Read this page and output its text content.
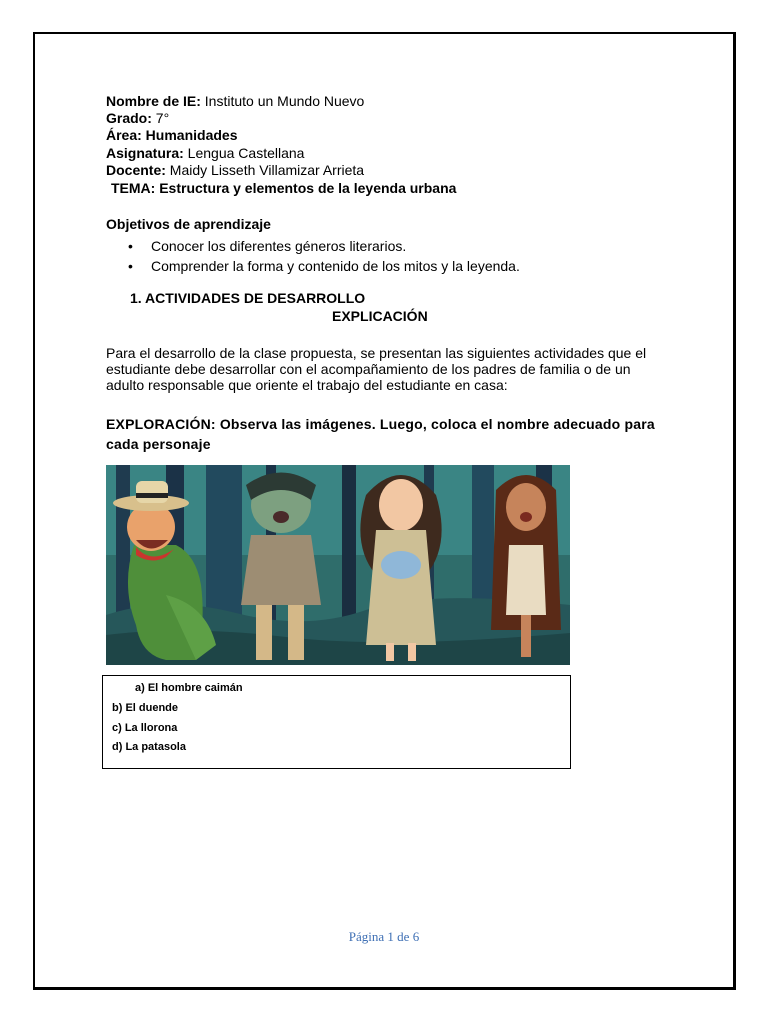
Nombre de IE: Instituto un Mundo Nuevo
Grado: 7°
Área: Humanidades
Asignatura: Lengua Castellana
Docente: Maidy Lisseth Villamizar Arrieta
TEMA: Estructura y elementos de la leyenda urbana
Objetivos de aprendizaje
• Conocer los diferentes géneros literarios.
• Comprender la forma y contenido de los mitos y la leyenda.
1. ACTIVIDADES DE DESARROLLO
EXPLICACIÓN
Para el desarrollo de la clase propuesta, se presentan las siguientes actividades que el estudiante debe desarrollar con el acompañamiento de los padres de familia o de un adulto responsable que oriente el trabajo del estudiante en casa:
EXPLORACIÓN: Observa las imágenes. Luego, coloca el nombre adecuado para cada personaje
a) El hombre caimán
b) El duende
c) La llorona
d) La patasola
Página 1 de 6
